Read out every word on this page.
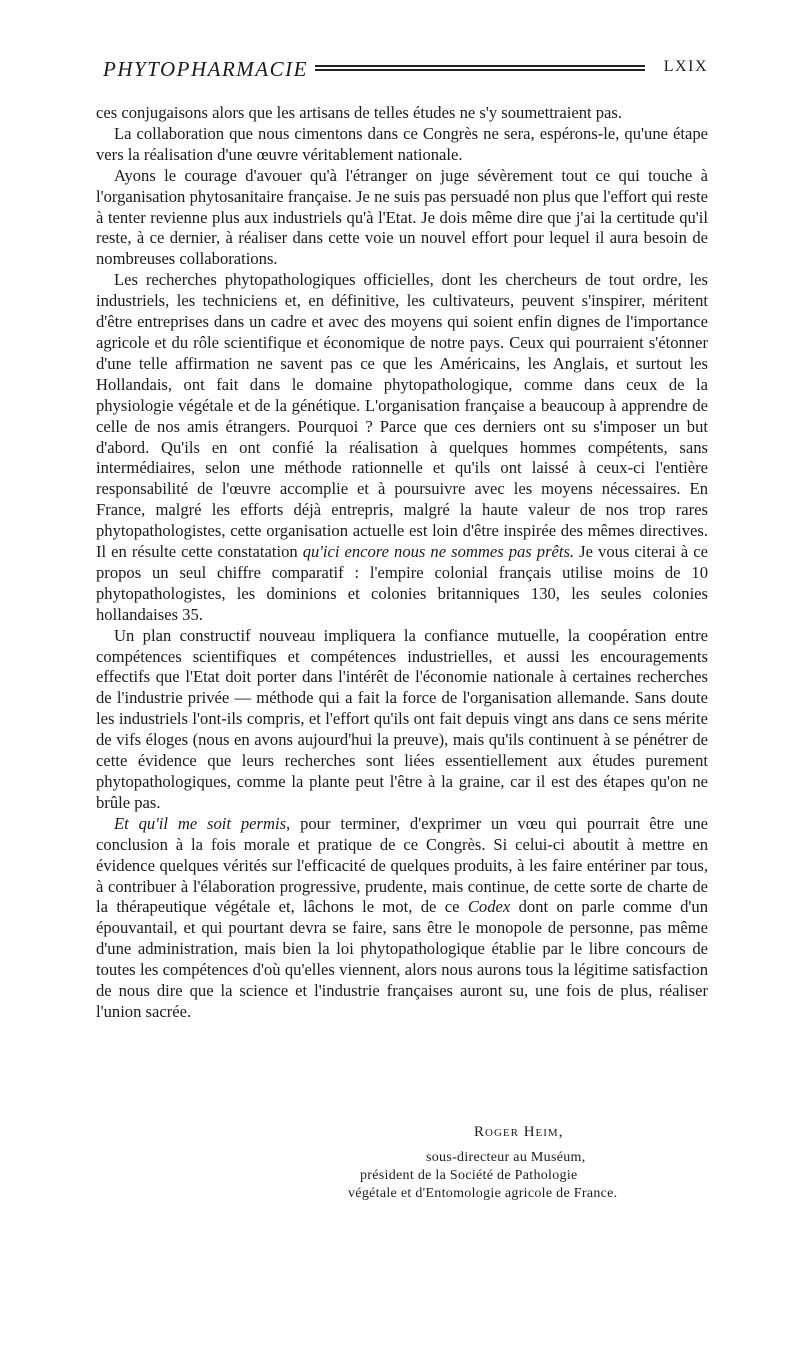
PHYTOPHARMACIE	LXIX

ces conjugaisons alors que les artisans de telles études ne s'y soumettraient pas.

La collaboration que nous cimentons dans ce Congrès ne sera, espérons-le, qu'une étape vers la réalisation d'une œuvre véritablement nationale.

Ayons le courage d'avouer qu'à l'étranger on juge sévèrement tout ce qui touche à l'organisation phytosanitaire française. Je ne suis pas persuadé non plus que l'effort qui reste à tenter revienne plus aux industriels qu'à l'Etat. Je dois même dire que j'ai la certitude qu'il reste, à ce dernier, à réaliser dans cette voie un nouvel effort pour lequel il aura besoin de nombreuses collaborations.

Les recherches phytopathologiques officielles, dont les chercheurs de tout ordre, les industriels, les techniciens et, en définitive, les cultivateurs, peuvent s'inspirer, méritent d'être entreprises dans un cadre et avec des moyens qui soient enfin dignes de l'importance agricole et du rôle scientifique et économique de notre pays. Ceux qui pourraient s'étonner d'une telle affirmation ne savent pas ce que les Américains, les Anglais, et surtout les Hollandais, ont fait dans le domaine phytopathologique, comme dans ceux de la physiologie végétale et de la génétique. L'organisation française a beaucoup à apprendre de celle de nos amis étrangers. Pourquoi ? Parce que ces derniers ont su s'imposer un but d'abord. Qu'ils en ont confié la réalisation à quelques hommes compétents, sans intermédiaires, selon une méthode rationnelle et qu'ils ont laissé à ceux-ci l'entière responsabilité de l'œuvre accomplie et à poursuivre avec les moyens nécessaires. En France, malgré les efforts déjà entrepris, malgré la haute valeur de nos trop rares phytopathologistes, cette organisation actuelle est loin d'être inspirée des mêmes directives. Il en résulte cette constatation qu'ici encore nous ne sommes pas prêts. Je vous citerai à ce propos un seul chiffre comparatif : l'empire colonial français utilise moins de 10 phytopathologistes, les dominions et colonies britanniques 130, les seules colonies hollandaises 35.

Un plan constructif nouveau impliquera la confiance mutuelle, la coopération entre compétences scientifiques et compétences industrielles, et aussi les encouragements effectifs que l'Etat doit porter dans l'intérêt de l'économie nationale à certaines recherches de l'industrie privée — méthode qui a fait la force de l'organisation allemande. Sans doute les industriels l'ont-ils compris, et l'effort qu'ils ont fait depuis vingt ans dans ce sens mérite de vifs éloges (nous en avons aujourd'hui la preuve), mais qu'ils continuent à se pénétrer de cette évidence que leurs recherches sont liées essentiellement aux études purement phytopathologiques, comme la plante peut l'être à la graine, car il est des étapes qu'on ne brûle pas.

Et qu'il me soit permis, pour terminer, d'exprimer un vœu qui pourrait être une conclusion à la fois morale et pratique de ce Congrès. Si celui-ci aboutit à mettre en évidence quelques vérités sur l'efficacité de quelques produits, à les faire entériner par tous, à contribuer à l'élaboration progressive, prudente, mais continue, de cette sorte de charte de la thérapeutique végétale et, lâchons le mot, de ce Codex dont on parle comme d'un épouvantail, et qui pourtant devra se faire, sans être le monopole de personne, pas même d'une administration, mais bien la loi phytopathologique établie par le libre concours de toutes les compétences d'où qu'elles viennent, alors nous aurons tous la légitime satisfaction de nous dire que la science et l'industrie françaises auront su, une fois de plus, réaliser l'union sacrée.

Roger Heim,
sous-directeur au Muséum,
président de la Société de Pathologie
végétale et d'Entomologie agricole de France.
